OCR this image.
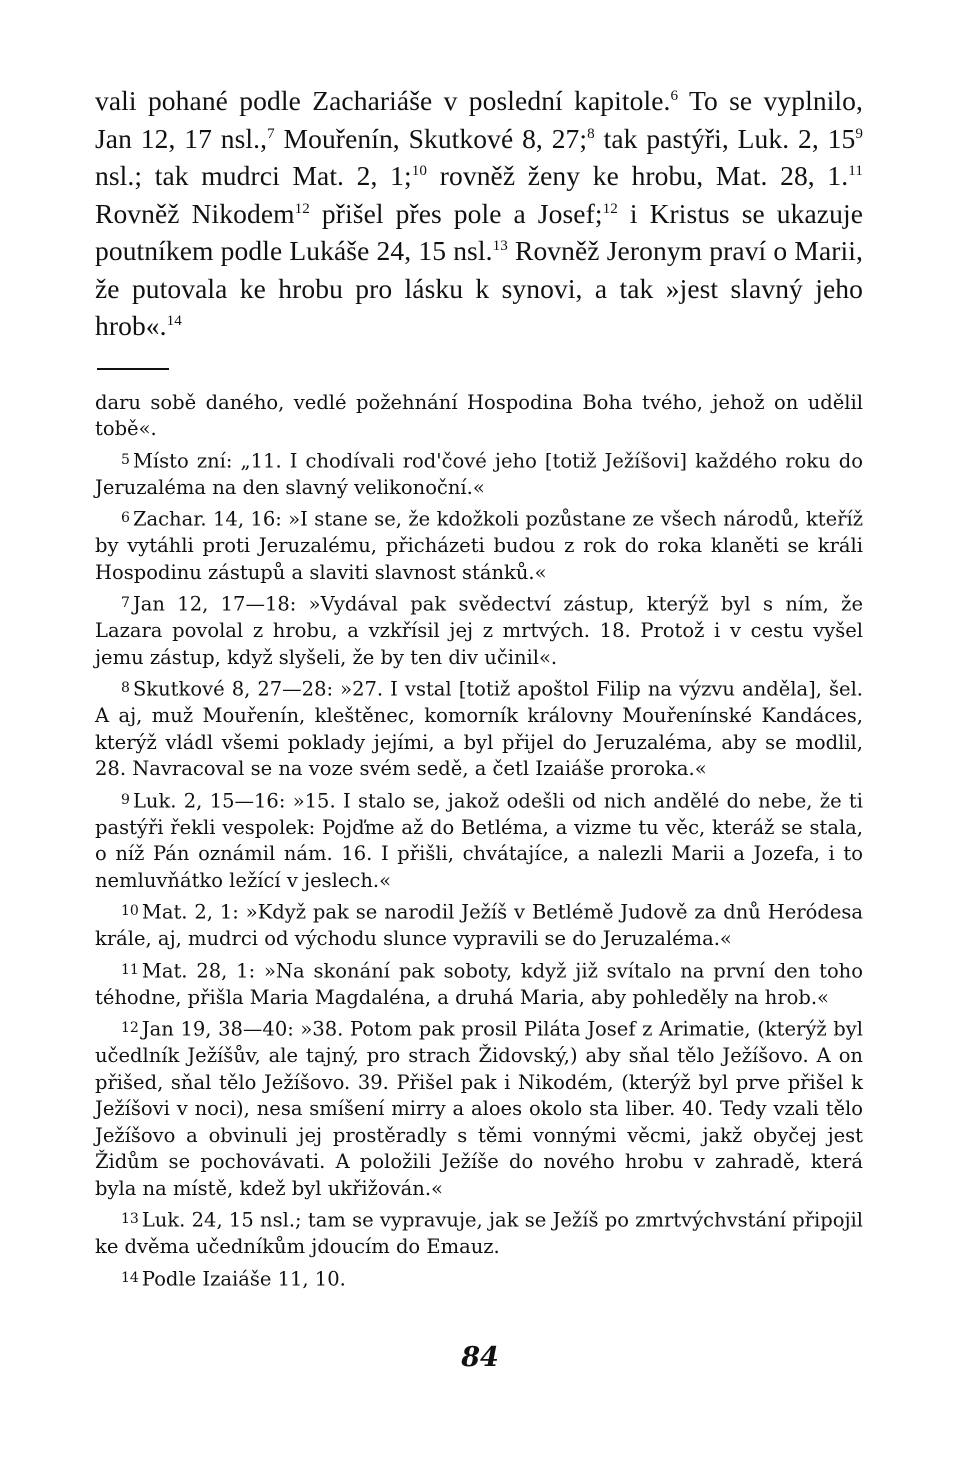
vali pohané podle Zachariáše v poslední kapitole.$^6$ To se vyplnilo, Jan 12, 17 nsl.,$^7$ Mouřenín, Skutkové 8, 27;$^8$ tak pastýři, Luk. 2, $15^9$ nsl.; tak mudrci Mat. 2, 1;$^{10}$ rovněž ženy ke hrobu, Mat. 28, 1.11 Rovněž Nikodem$^{12}$ přišel přes pole a Josef;$^{12}$ i Kristus se ukazuje poutníkem podle Lukáše 24, 15 nsl.$^{13}$ Rovněž Jeronym praví o Marii, že putovala ke hrobu pro lásku k synovi, a tak »jest slavný jeho hrob«.$^{14}$

daru sobě daného, vedlé požehnání Hospodina Boha tvého, jehož on udělil tobě«.

5 Místo zní: „11. I chodívali rod'čové jeho [totiž Ježíšovi] každého roku do Jeruzaléma na den slavný velikonoční.«

6 Zachar. 14, 16: »I stane se, že kdožkoli pozůstane ze všech národů, kteříž by vytáhli proti Jeruzalému, přicházeti budou z rok do roka klaněti se králi Hospodinu zástupů a slaviti slavnost stánků.«

7 Jan 12, 17—18: »Vydával pak svědectví zástup, kterýž byl s ním, že Lazara povolal z hrobu, a vzkřísil jej z mrtvých. 18. Protož i v cestu vyšel jemu zástup, když slyšeli, že by ten div učinil«.

8 Skutkové 8, 27—28: »27. I vstal [totiž apoštol Filip na výzvu anděla], šel. A aj, muž Mouřenín, kleštěnec, komorník královny Mouřenínské Kandáces, kterýž vládl všemi poklady jejími, a byl přijel do Jeruzaléma, aby se modlil, 28. Navracoval se na voze svém sedě, a četl Izaiáše proroka.«

9 Luk. 2, 15—16: »15. I stalo se, jakož odešli od nich andělé do nebe, že ti pastýři řekli vespolek: Pojďme až do Betléma, a vizme tu věc, kteráž se stala, o níž Pán oznámil nám. 16. I přišli, chvátajíce, a nalezli Marii a Jozefa, i to nemluvňátko ležící v jeslech.«

10 Mat. 2, 1: »Když pak se narodil Ježíš v Betlémě Judově za dnů Heródesa krále, aj, mudrci od východu slunce vypravili se do Jeruzaléma.«

11 Mat. 28, 1: »Na skonání pak soboty, když již svítalo na první den toho téhodne, přišla Maria Magdaléna, a druhá Maria, aby pohleděly na hrob.«

12 Jan 19, 38—40: »38. Potom pak prosil Piláta Josef z Arimatie, (kterýž byl učedlník Ježíšův, ale tajný, pro strach Židovský,) aby sňal tělo Ježíšovo. A on přišed, sňal tělo Ježíšovo. 39. Přišel pak i Nikodém, (kterýž byl prve přišel k Ježíšovi v noci), nesa smíšení mirry a aloes okolo sta liber. 40. Tedy vzali tělo Ježíšovo a obvinuli jej prostěradly s těmi vonnými věcmi, jakž obyčej jest Židům se pochovávati. A položili Ježíše do nového hrobu v zahradě, která byla na místě, kdež byl ukřižován.«

13 Luk. 24, 15 nsl.; tam se vypravuje, jak se Ježíš po zmrtvýchvstání připojil ke dvěma učedníkům jdoucím do Emauz.

14 Podle Izaiáše 11, 10.

84
